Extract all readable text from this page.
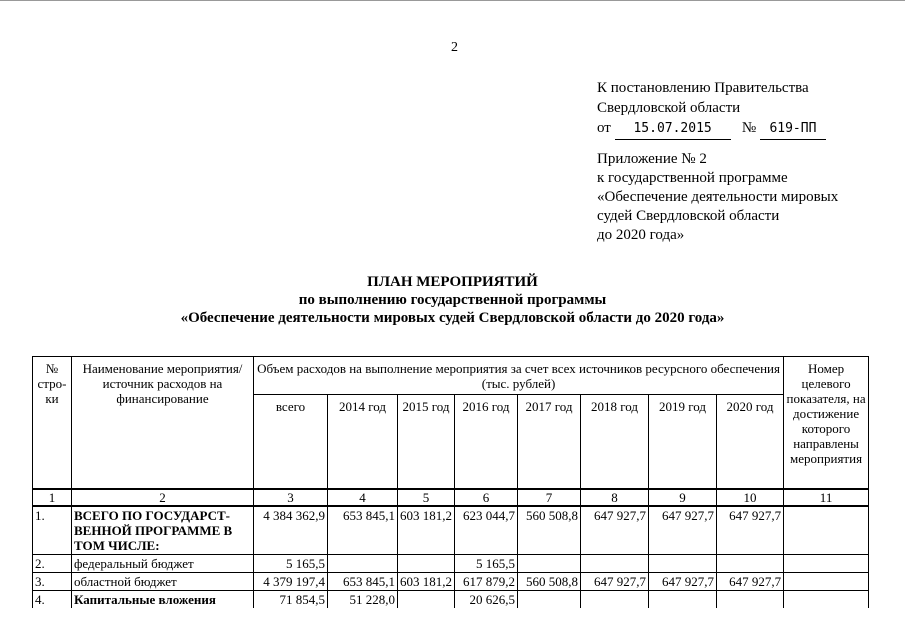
2
К постановлению Правительства
Свердловской области
от 15.07.2015 № 619-ПП
Приложение № 2
к государственной программе
«Обеспечение деятельности мировых
судей Свердловской области
до 2020 года»
ПЛАН МЕРОПРИЯТИЙ
по выполнению государственной программы
«Обеспечение деятельности мировых судей Свердловской области до 2020 года»
№ стро-ки	Наименование мероприятия/ источник расходов на финансирование	Объем расходов на выполнение мероприятия за счет всех источников ресурсного обеспечения (тыс. рублей)								Номер целевого показателя, на достижение которого направлены мероприятия
		всего	2014 год	2015 год	2016 год	2017 год	2018 год	2019 год	2020 год	
1	2	3	4	5	6	7	8	9	10	11
1.	ВСЕГО ПО ГОСУДАРСТ-ВЕННОЙ ПРОГРАММЕ В ТОМ ЧИСЛЕ:	4 384 362,9	653 845,1	603 181,2	623 044,7	560 508,8	647 927,7	647 927,7	647 927,7	
2.	федеральный бюджет	5 165,5			5 165,5					
3.	областной бюджет	4 379 197,4	653 845,1	603 181,2	617 879,2	560 508,8	647 927,7	647 927,7	647 927,7	
4.	Капитальные вложения	71 854,5	51 228,0		20 626,5					
